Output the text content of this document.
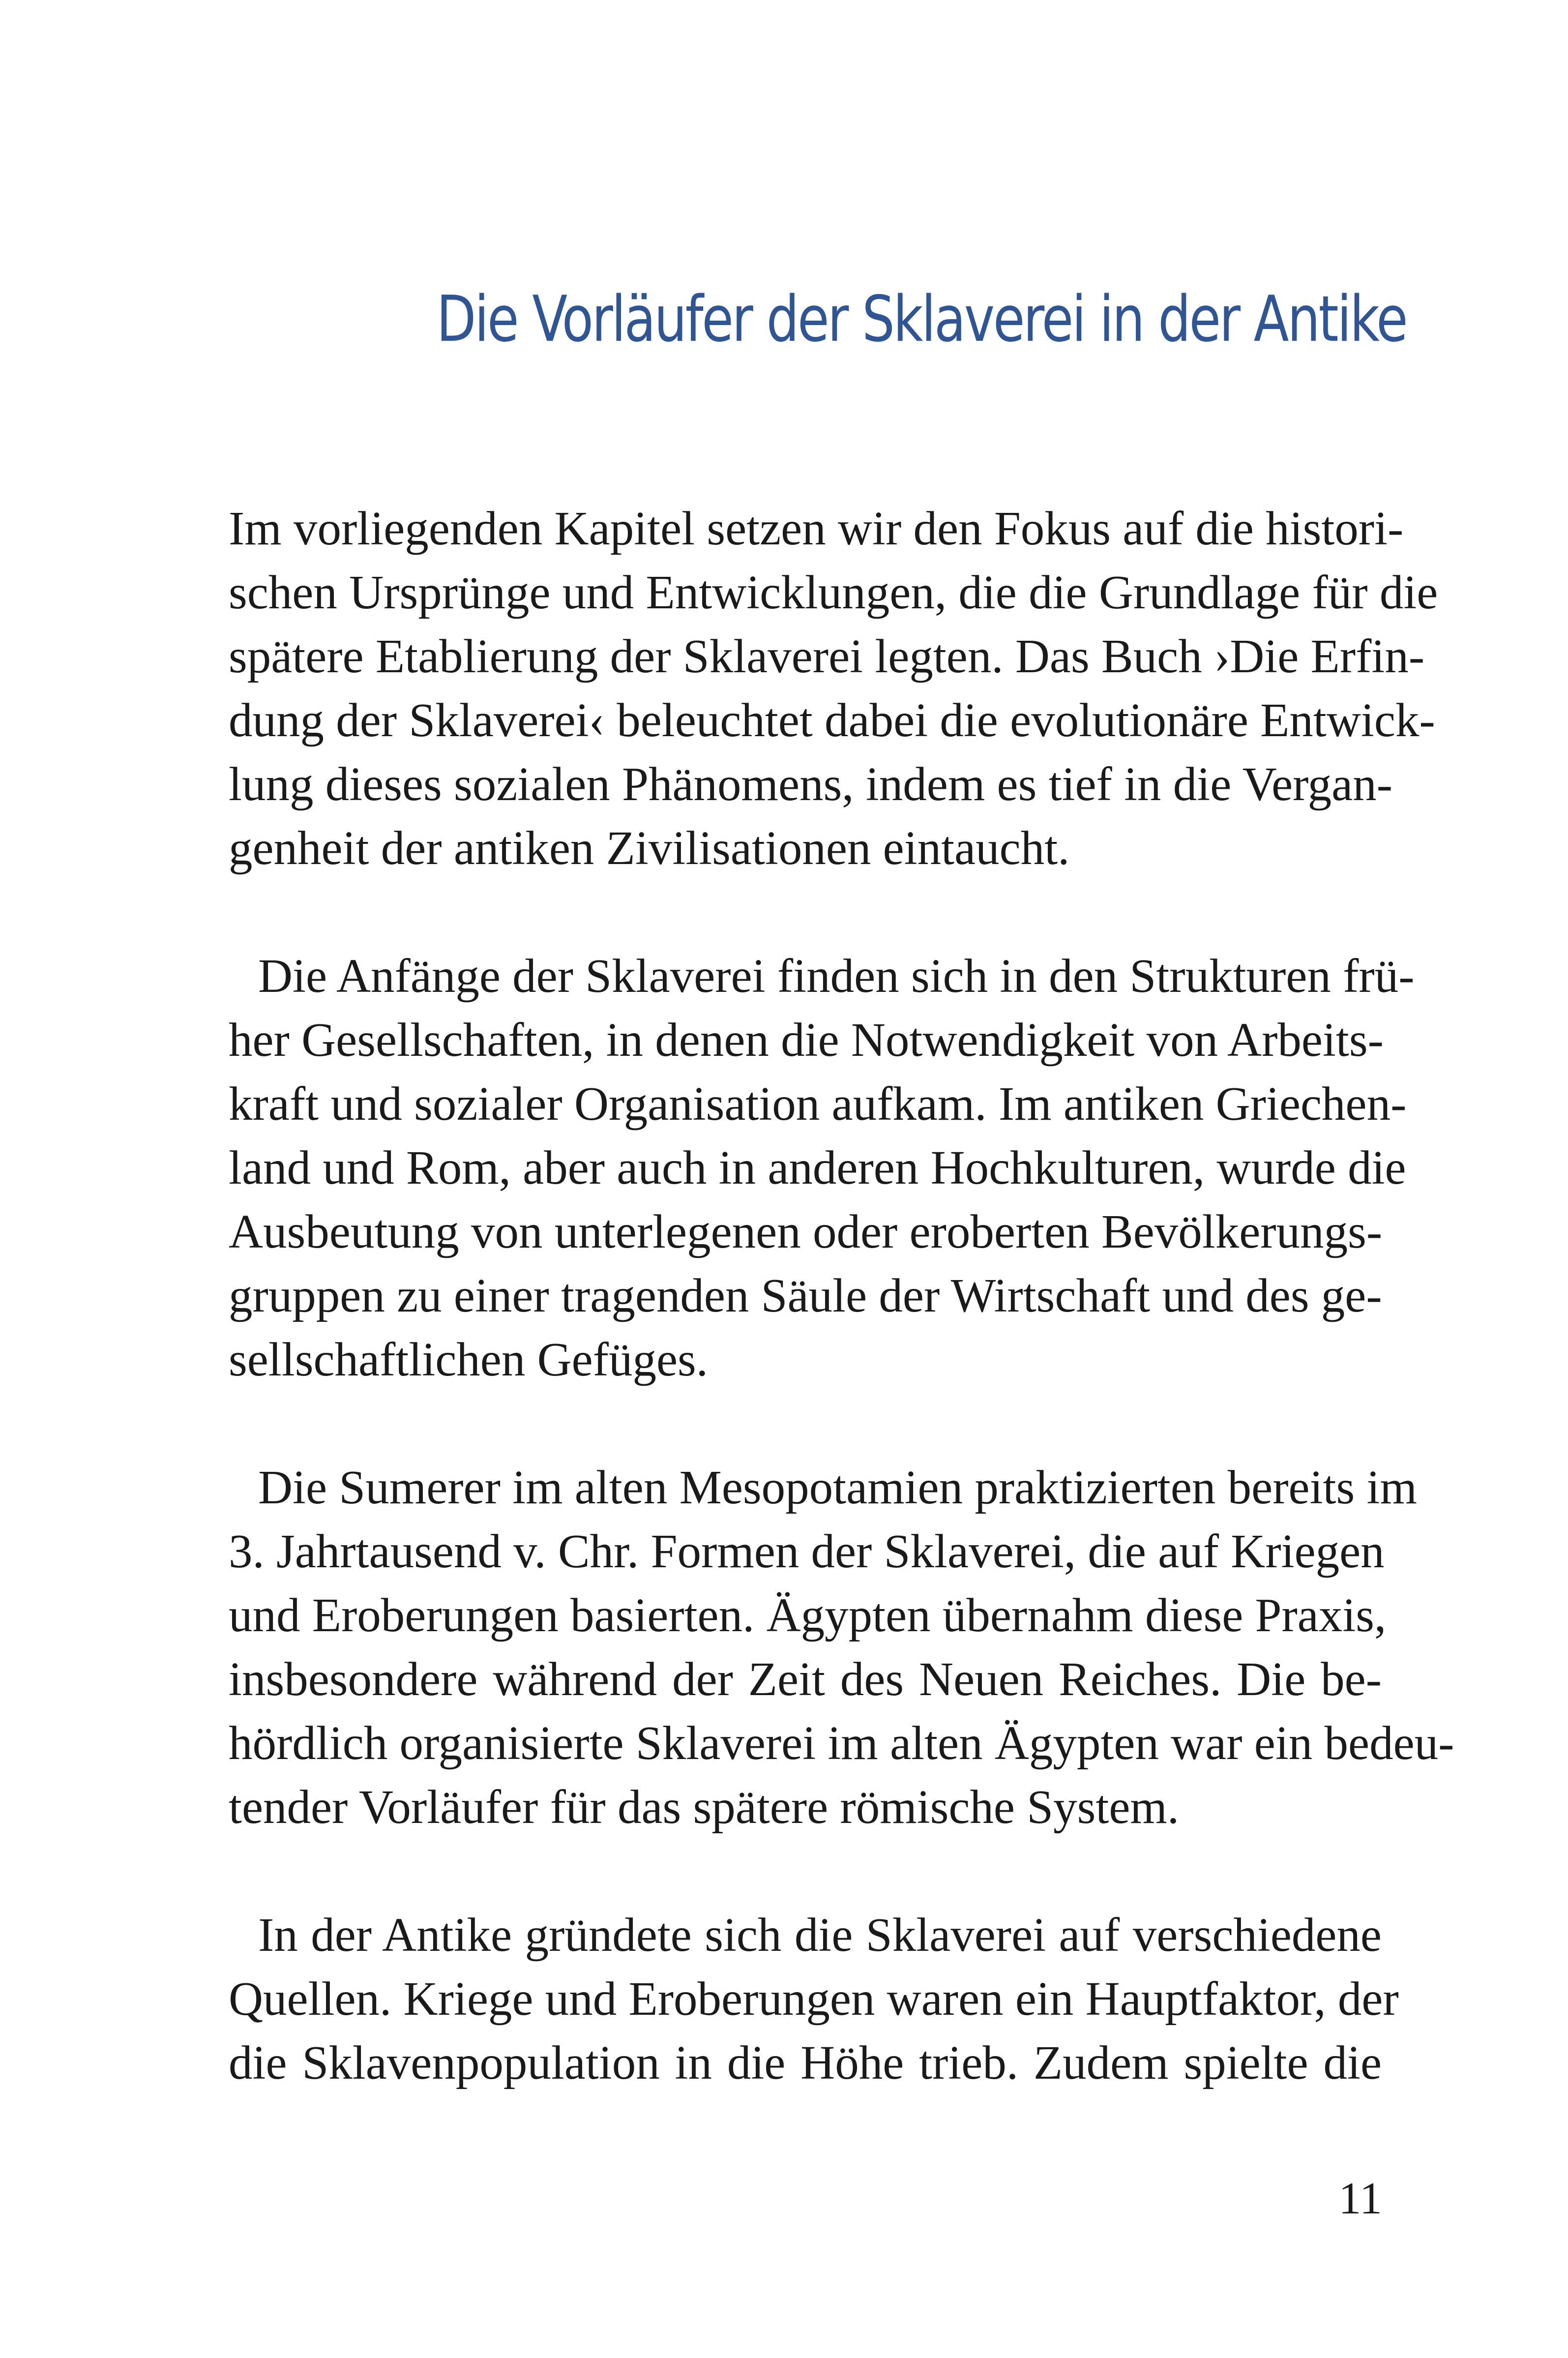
Die Vorläufer der Sklaverei in der Antike

Im vorliegenden Kapitel setzen wir den Fokus auf die histori-
schen Ursprünge und Entwicklungen, die die Grundlage für die
spätere Etablierung der Sklaverei legten. Das Buch ›Die Erfin-
dung der Sklaverei‹ beleuchtet dabei die evolutionäre Entwick-
lung dieses sozialen Phänomens, indem es tief in die Vergan-
genheit der antiken Zivilisationen eintaucht.

Die Anfänge der Sklaverei finden sich in den Strukturen frü-
her Gesellschaften, in denen die Notwendigkeit von Arbeits-
kraft und sozialer Organisation aufkam. Im antiken Griechen-
land und Rom, aber auch in anderen Hochkulturen, wurde die
Ausbeutung von unterlegenen oder eroberten Bevölkerungs-
gruppen zu einer tragenden Säule der Wirtschaft und des ge-
sellschaftlichen Gefüges.

Die Sumerer im alten Mesopotamien praktizierten bereits im
3. Jahrtausend v. Chr. Formen der Sklaverei, die auf Kriegen
und Eroberungen basierten. Ägypten übernahm diese Praxis,
insbesondere während der Zeit des Neuen Reiches. Die be-
hördlich organisierte Sklaverei im alten Ägypten war ein bedeu-
tender Vorläufer für das spätere römische System.

In der Antike gründete sich die Sklaverei auf verschiedene
Quellen. Kriege und Eroberungen waren ein Hauptfaktor, der
die Sklavenpopulation in die Höhe trieb. Zudem spielte die

11
